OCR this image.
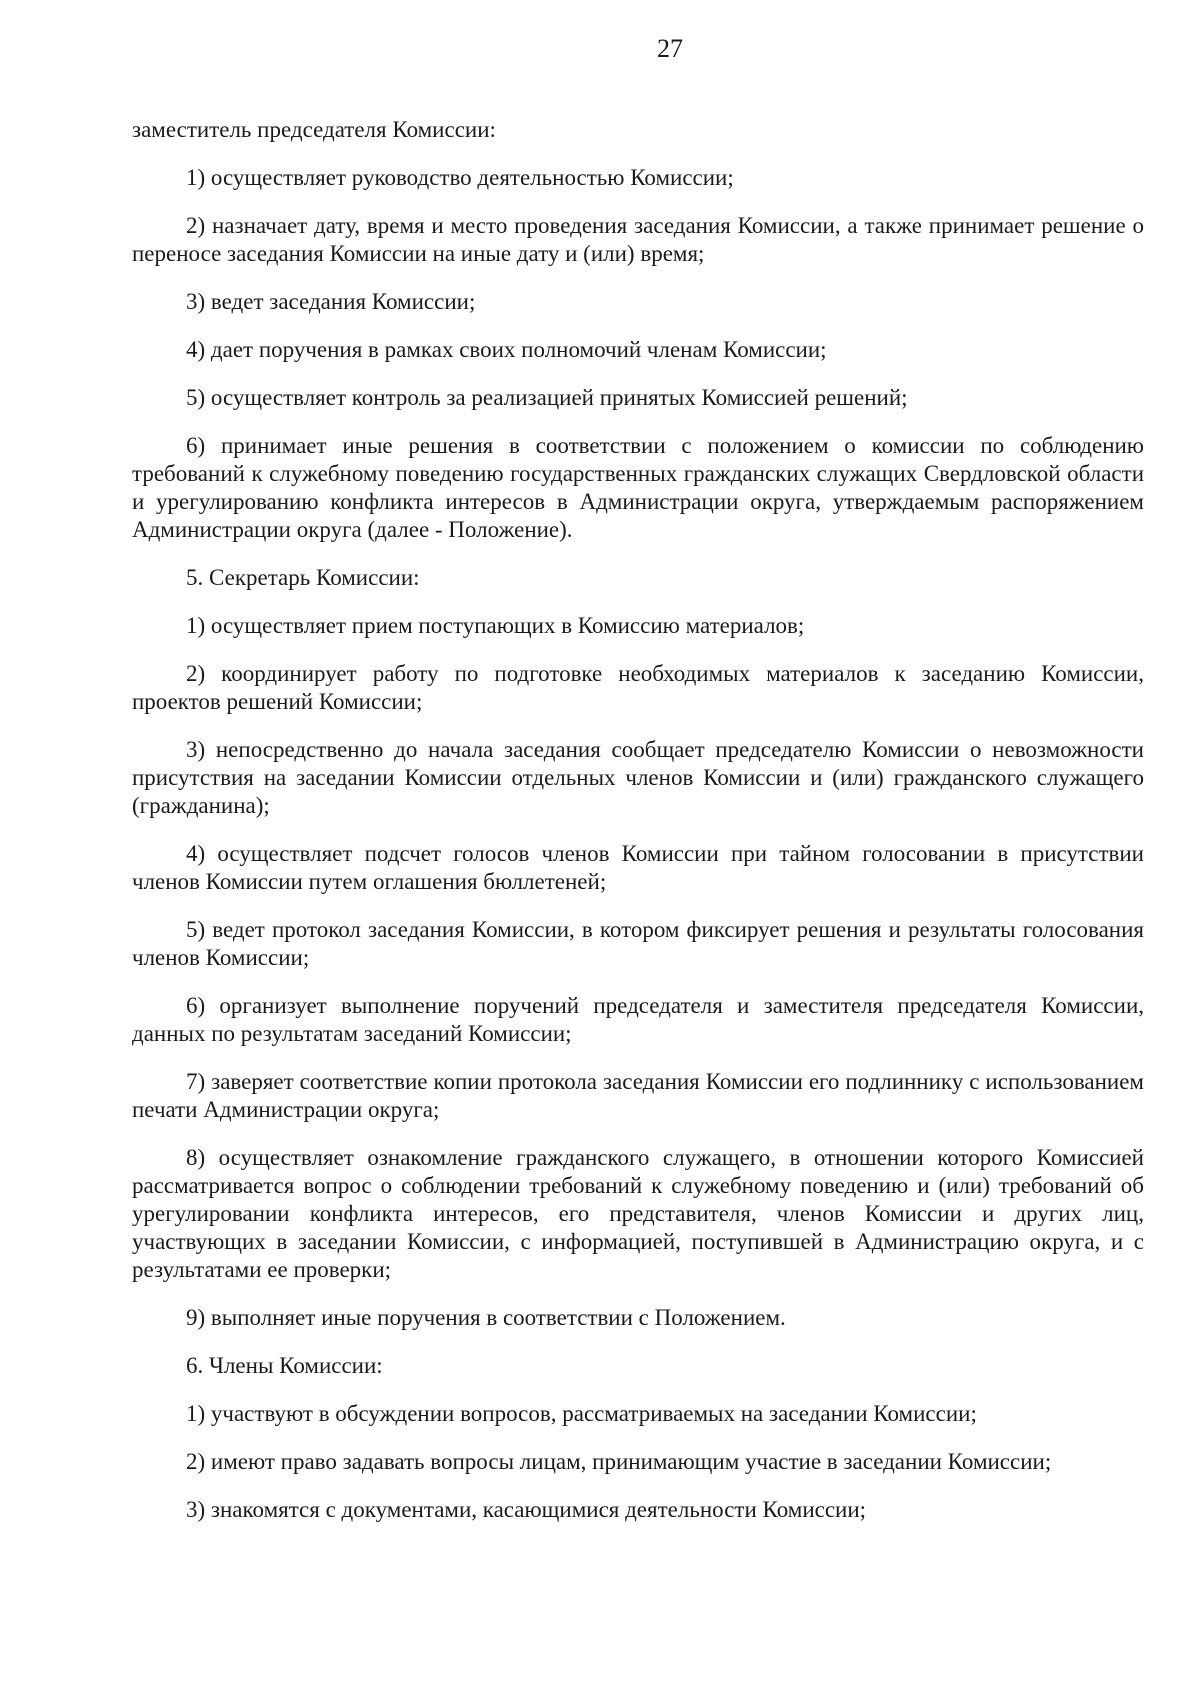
27

заместитель председателя Комиссии:

1) осуществляет руководство деятельностью Комиссии;

2) назначает дату, время и место проведения заседания Комиссии, а также принимает решение о переносе заседания Комиссии на иные дату и (или) время;

3) ведет заседания Комиссии;

4) дает поручения в рамках своих полномочий членам Комиссии;

5) осуществляет контроль за реализацией принятых Комиссией решений;

6) принимает иные решения в соответствии с положением о комиссии по соблюдению требований к служебному поведению государственных гражданских служащих Свердловской области и урегулированию конфликта интересов в Администрации округа, утверждаемым распоряжением Администрации округа (далее - Положение).

5. Секретарь Комиссии:

1) осуществляет прием поступающих в Комиссию материалов;

2) координирует работу по подготовке необходимых материалов к заседанию Комиссии, проектов решений Комиссии;

3) непосредственно до начала заседания сообщает председателю Комиссии о невозможности присутствия на заседании Комиссии отдельных членов Комиссии и (или) гражданского служащего (гражданина);

4) осуществляет подсчет голосов членов Комиссии при тайном голосовании в присутствии членов Комиссии путем оглашения бюллетеней;

5) ведет протокол заседания Комиссии, в котором фиксирует решения и результаты голосования членов Комиссии;

6) организует выполнение поручений председателя и заместителя председателя Комиссии, данных по результатам заседаний Комиссии;

7) заверяет соответствие копии протокола заседания Комиссии его подлиннику с использованием печати Администрации округа;

8) осуществляет ознакомление гражданского служащего, в отношении которого Комиссией рассматривается вопрос о соблюдении требований к служебному поведению и (или) требований об урегулировании конфликта интересов, его представителя, членов Комиссии и других лиц, участвующих в заседании Комиссии, с информацией, поступившей в Администрацию округа, и с результатами ее проверки;

9) выполняет иные поручения в соответствии с Положением.

6. Члены Комиссии:

1) участвуют в обсуждении вопросов, рассматриваемых на заседании Комиссии;

2) имеют право задавать вопросы лицам, принимающим участие в заседании Комиссии;

3) знакомятся с документами, касающимися деятельности Комиссии;
